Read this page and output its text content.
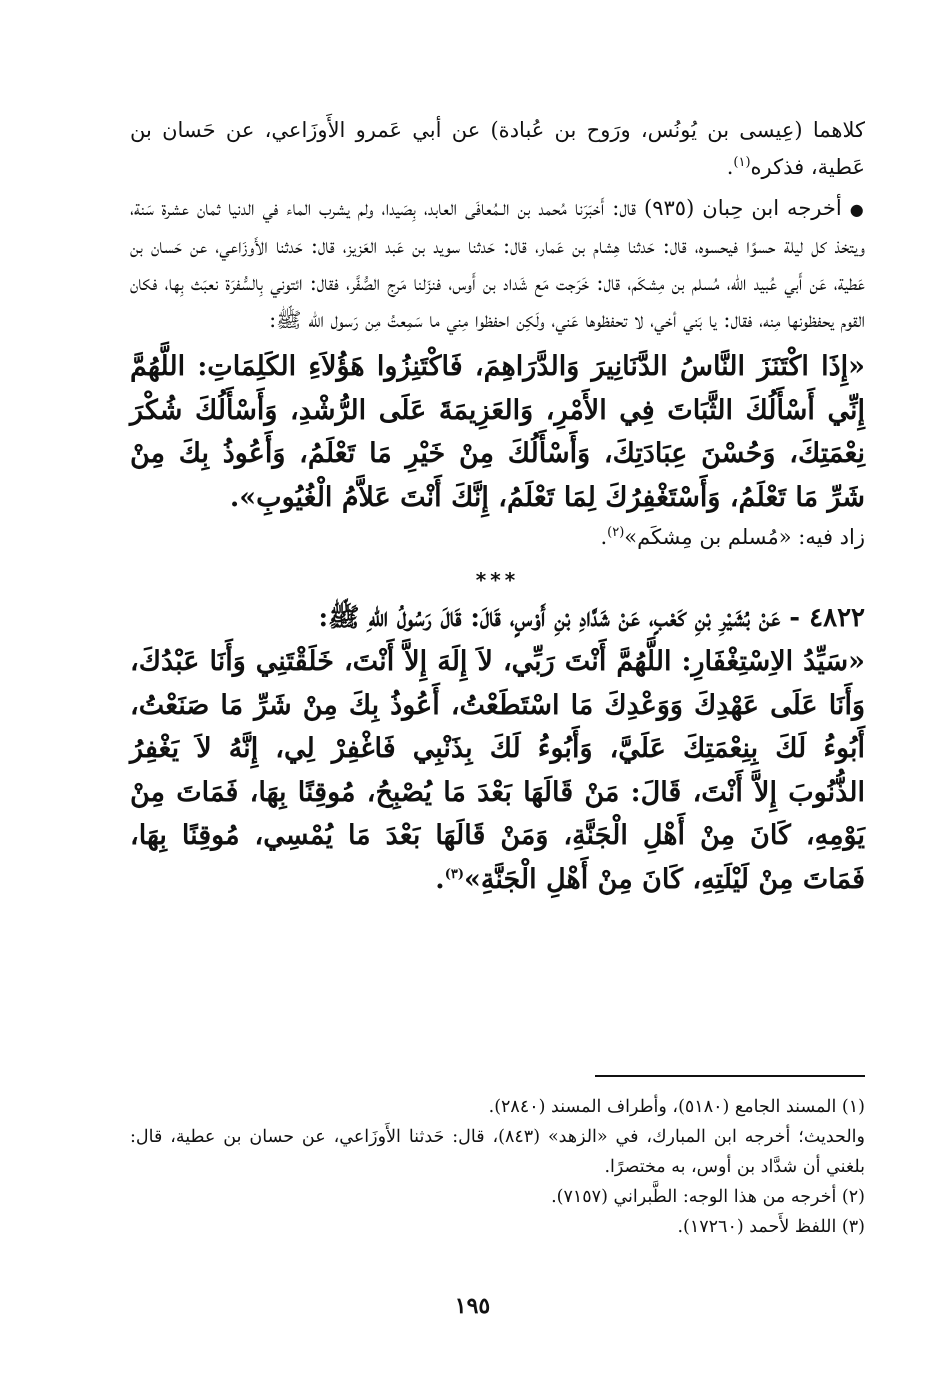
كلاهما (عِيسى بن يُونُس، ورَوح بن عُبادة) عن أبي عَمرو الأَوزَاعي، عن حَسان بن عَطية، فذكره$^{(١)}$.

●أخرجه ابن حِبان (٩٣٥) قال: أَخبَرَنا مُحمد بن الـمُعافَى العابد، بِصَيدا، ولم يشرب الماء في الدنيا ثمان عشرة سَنة، ويتخذ كل ليلة حسوًا فيحسوه، قال: حَدثنا هِشام بن عَمار، قال: حَدثنا سويد بن عَبد العَزيز، قال: حَدثنا الأَوزَاعي، عن حَسان بن عَطية، عَن أَبي عُبيد الله، مُسلم بن مِشكَم، قال: خَرَجت مَع شَداد بن أَوس، فنزَلنا مَرج الصُّفَّر، فقال: ائتوني بِالسُّفرَة نعبَث بِها، فكان القوم يحفظونها مِنه، فقال: يا بَني أخي، لا تحفظوها عَني، ولَكِن احفظوا مِني ما سَمِعتُ مِن رَسول الله ﷺ:

«إِذَا اكْتَنَزَ النَّاسُ الدَّنَانِيرَ وَالدَّرَاهِمَ، فَاكْتَنِزُوا هَؤُلاَءِ الكَلِمَاتِ: اللَّهُمَّ إِنِّي أَسْأَلُكَ الثَّبَاتَ فِي الأَمْرِ، وَالعَزِيمَةَ عَلَى الرُّشْدِ، وَأَسْأَلُكَ شُكْرَ نِعْمَتِكَ، وَحُسْنَ عِبَادَتِكَ، وَأَسْأَلُكَ مِنْ خَيْرِ مَا تَعْلَمُ، وَأَعُوذُ بِكَ مِنْ شَرِّ مَا تَعْلَمُ، وَأَسْتَغْفِرُكَ لِمَا تَعْلَمُ، إِنَّكَ أَنْتَ عَلاَّمُ الْغُيُوبِ».

زاد فيه: «مُسلم بن مِشكَم»$^{(٢)}$.

***

٤٨٢٢ - عَنْ بُشَيْرِ بْنِ كَعْبٍ، عَنْ شَدَّادِ بْنِ أَوْسٍ، قَالَ: قَالَ رَسُولُ اللهِ ﷺ:

«سَيِّدُ الاِسْتِغْفَارِ: اللَّهُمَّ أَنْتَ رَبِّي، لاَ إِلَهَ إِلاَّ أَنْتَ، خَلَقْتَنِي وَأَنَا عَبْدُكَ، وَأَنَا عَلَى عَهْدِكَ وَوَعْدِكَ مَا اسْتَطَعْتُ، أَعُوذُ بِكَ مِنْ شَرِّ مَا صَنَعْتُ، أَبُوءُ لَكَ بِنِعْمَتِكَ عَلَيَّ، وَأَبُوءُ لَكَ بِذَنْبِي فَاغْفِرْ لِي، إِنَّهُ لاَ يَغْفِرُ الذُّنُوبَ إِلاَّ أَنْتَ، قَالَ: مَنْ قَالَهَا بَعْدَ مَا يُصْبِحُ، مُوقِنًا بِهَا، فَمَاتَ مِنْ يَوْمِهِ، كَانَ مِنْ أَهْلِ الْجَنَّةِ، وَمَنْ قَالَهَا بَعْدَ مَا يُمْسِي، مُوقِنًا بِهَا، فَمَاتَ مِنْ لَيْلَتِهِ، كَانَ مِنْ أَهْلِ الْجَنَّةِ»$^{(٣)}$.

(١) المسند الجامع (٥١٨٠)، وأطراف المسند (٢٨٤٠).

والحديث؛ أخرجه ابن المبارك، في «الزهد» (٨٤٣)، قال: حَدثنا الأَوزَاعي، عن حسان بن عطية، قال: بلغني أن شدَّاد بن أوس، به مختصرًا.

(٢) أخرجه من هذا الوجه: الطَّبراني (٧١٥٧).

(٣) اللفظ لأَحمد (١٧٢٦٠).

١٩٥
